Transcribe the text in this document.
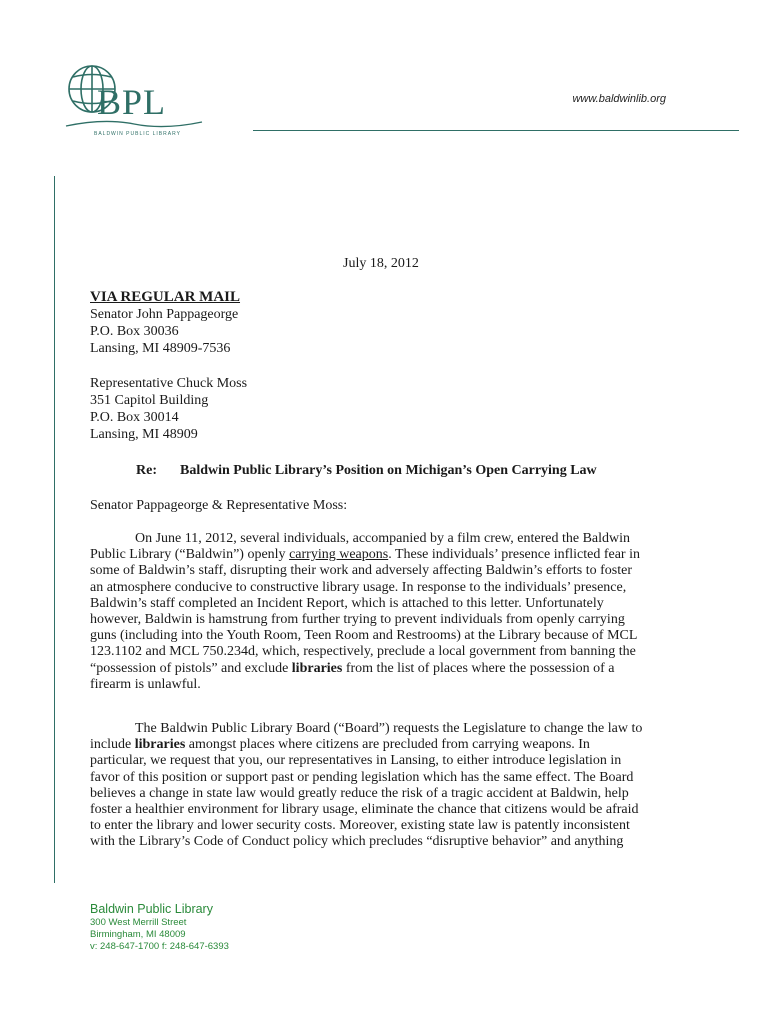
BPL
BALDWIN PUBLIC LIBRARY
www.baldwinlib.org
July 18, 2012
VIA REGULAR MAIL
Senator John Pappageorge
P.O. Box 30036
Lansing, MI 48909-7536
Representative Chuck Moss
351 Capitol Building
P.O. Box 30014
Lansing, MI 48909
Re: Baldwin Public Library’s Position on Michigan’s Open Carrying Law
Senator Pappageorge & Representative Moss:
On June 11, 2012, several individuals, accompanied by a film crew, entered the Baldwin
Public Library (“Baldwin”) openly carrying weapons. These individuals’ presence inflicted fear in
some of Baldwin’s staff, disrupting their work and adversely affecting Baldwin’s efforts to foster
an atmosphere conducive to constructive library usage. In response to the individuals’ presence,
Baldwin’s staff completed an Incident Report, which is attached to this letter. Unfortunately
however, Baldwin is hamstrung from further trying to prevent individuals from openly carrying
guns (including into the Youth Room, Teen Room and Restrooms) at the Library because of MCL
123.1102 and MCL 750.234d, which, respectively, preclude a local government from banning the
“possession of pistols” and exclude libraries from the list of places where the possession of a
firearm is unlawful.
The Baldwin Public Library Board (“Board”) requests the Legislature to change the law to
include libraries amongst places where citizens are precluded from carrying weapons. In
particular, we request that you, our representatives in Lansing, to either introduce legislation in
favor of this position or support past or pending legislation which has the same effect. The Board
believes a change in state law would greatly reduce the risk of a tragic accident at Baldwin, help
foster a healthier environment for library usage, eliminate the chance that citizens would be afraid
to enter the library and lower security costs. Moreover, existing state law is patently inconsistent
with the Library’s Code of Conduct policy which precludes “disruptive behavior” and anything
Baldwin Public Library
300 West Merrill Street
Birmingham, MI 48009
v: 248-647-1700 f: 248-647-6393
